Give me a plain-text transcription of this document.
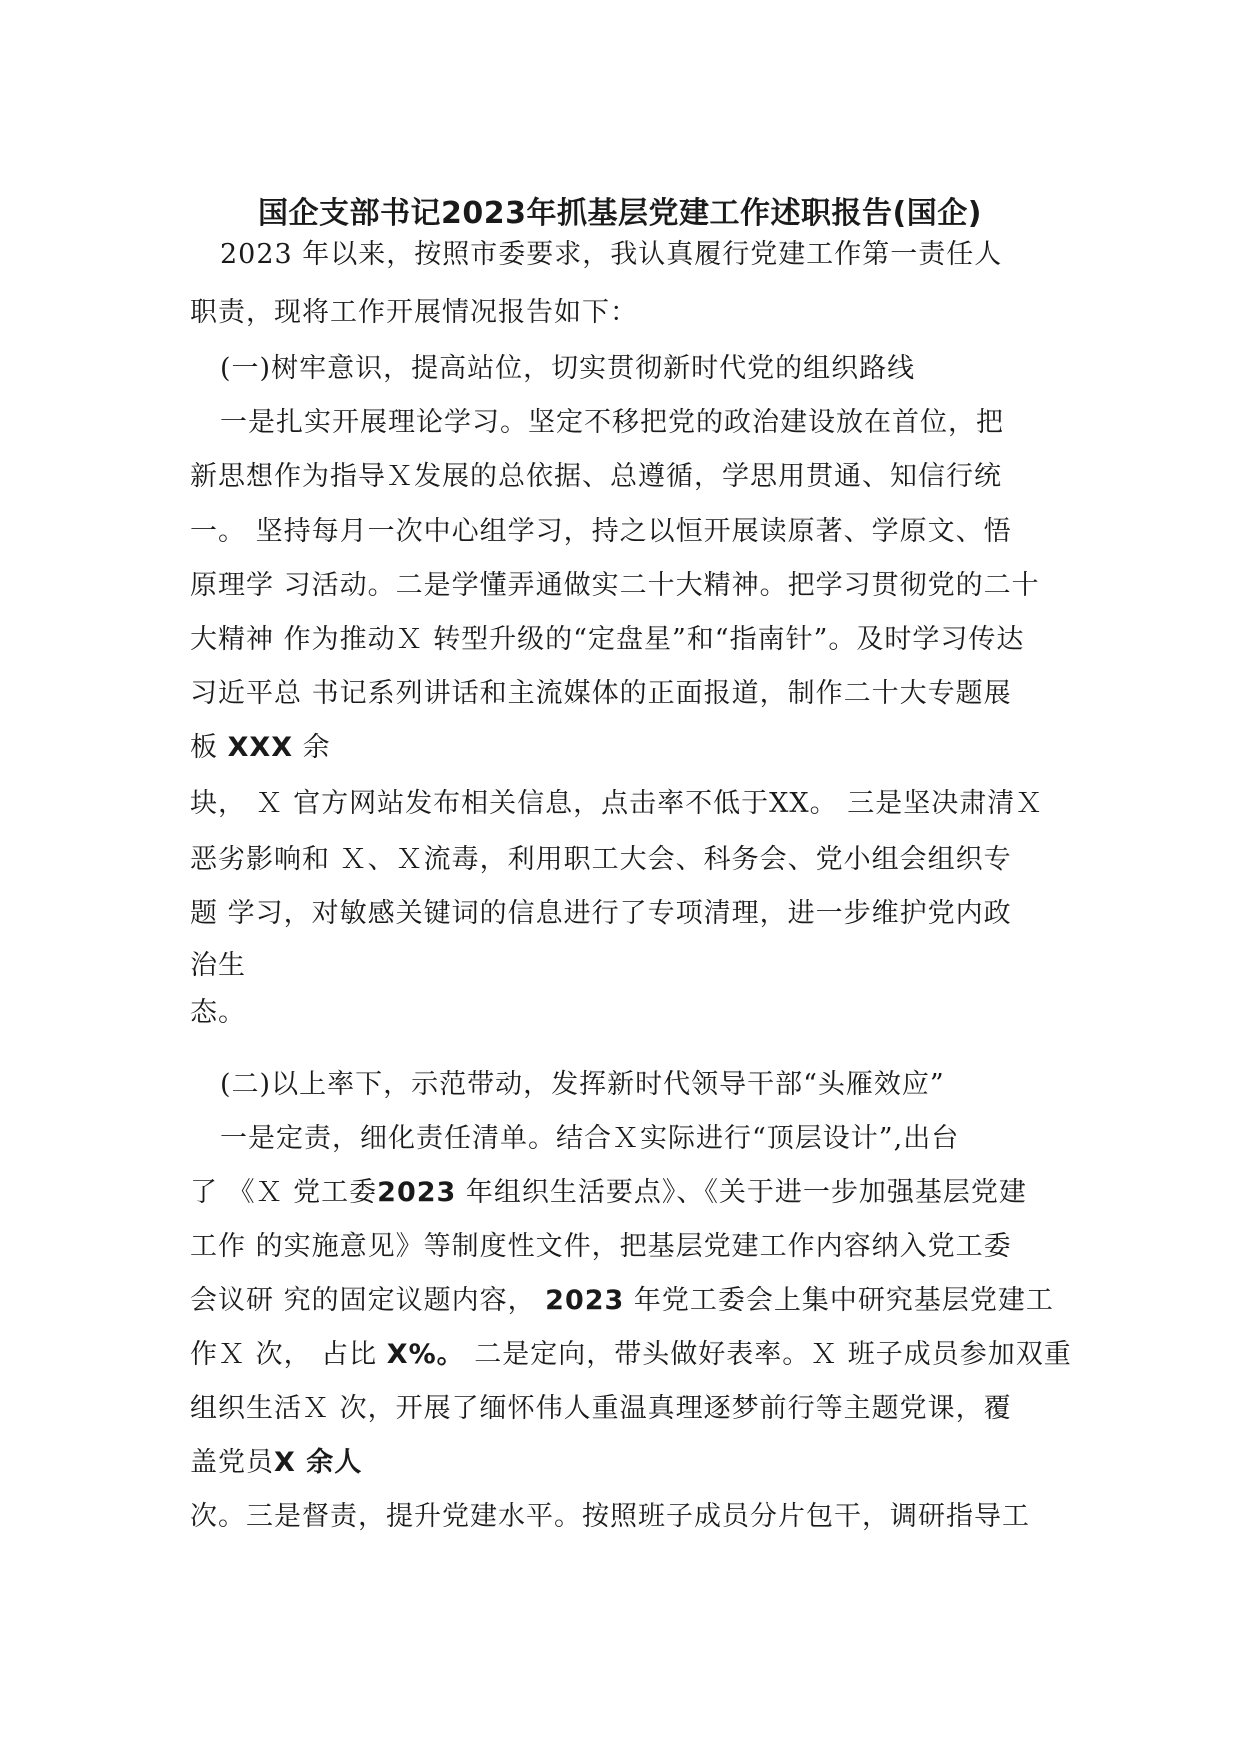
国企支部书记2023年抓基层党建工作述职报告(国企)
2023 年以来，按照市委要求，我认真履行党建工作第一责任人
职责，现将工作开展情况报告如下：
(一)树牢意识，提高站位，切实贯彻新时代党的组织路线
一是扎实开展理论学习。坚定不移把党的政治建设放在首位，把
新思想作为指导Ｘ发展的总依据、总遵循，学思用贯通、知信行统
一。 坚持每月一次中心组学习，持之以恒开展读原著、学原文、悟
原理学 习活动。二是学懂弄通做实二十大精神。把学习贯彻党的二十
大精神 作为推动Ｘ 转型升级的“定盘星”和“指南针”。及时学习传达
习近平总 书记系列讲话和主流媒体的正面报道，制作二十大专题展
板 XXX 余
块， Ｘ 官方网站发布相关信息，点击率不低于XX。 三是坚决肃清Ｘ
恶劣影响和 Ｘ、Ｘ流毒，利用职工大会、科务会、党小组会组织专
题 学习，对敏感关键词的信息进行了专项清理，进一步维护党内政
治生
态。
(二)以上率下，示范带动，发挥新时代领导干部“头雁效应”
一是定责，细化责任清单。结合Ｘ实际进行“顶层设计”,出台
了 《Ｘ 党工委2023 年组织生活要点》、《关于进一步加强基层党建
工作 的实施意见》等制度性文件，把基层党建工作内容纳入党工委
会议研 究的固定议题内容， 2023 年党工委会上集中研究基层党建工
作Ｘ 次， 占比 X%。 二是定向，带头做好表率。Ｘ 班子成员参加双重
组织生活Ｘ 次，开展了缅怀伟人重温真理逐梦前行等主题党课，覆
盖党员X 余人
次。三是督责，提升党建水平。按照班子成员分片包干，调研指导工
